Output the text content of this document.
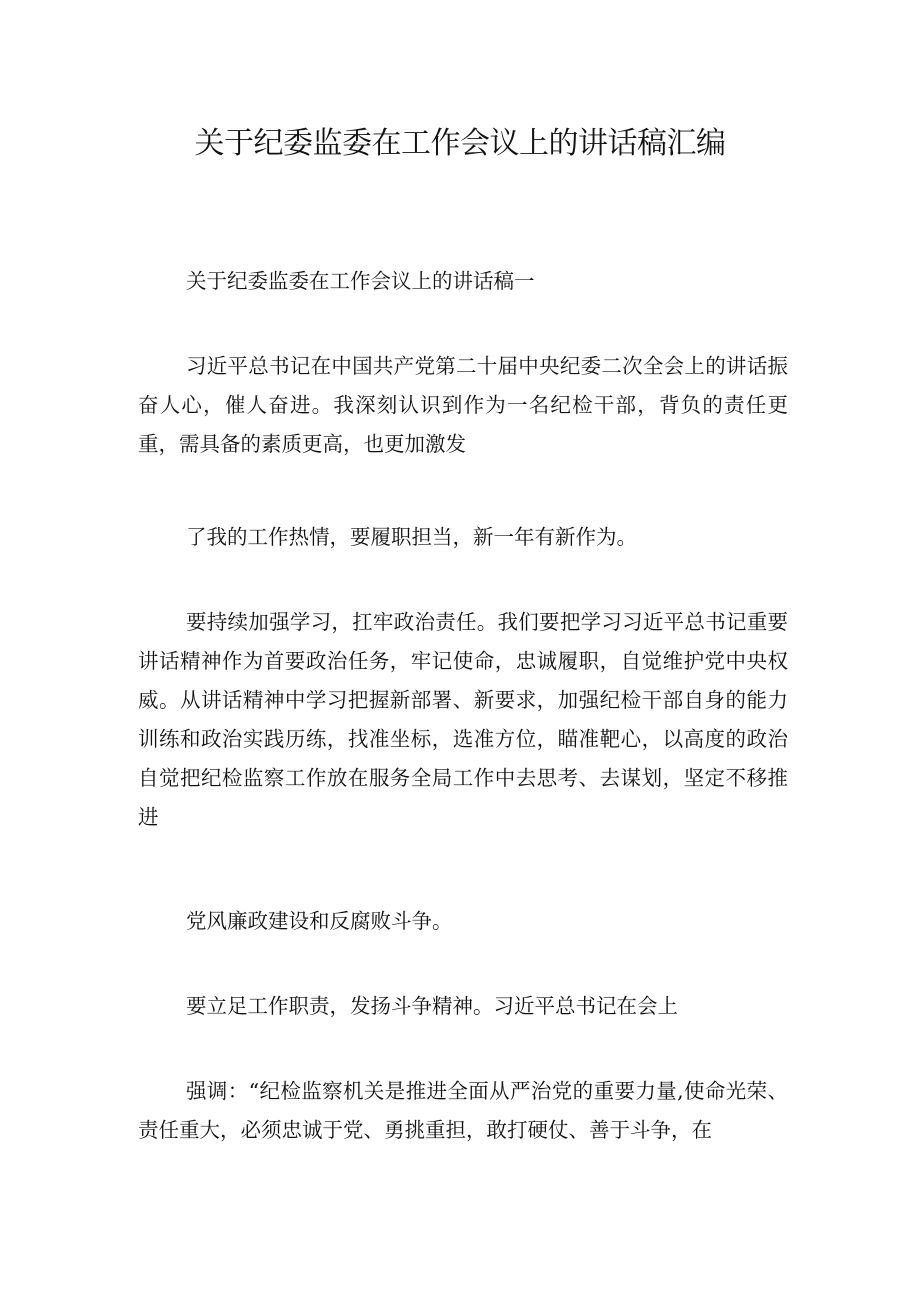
关于纪委监委在工作会议上的讲话稿汇编

关于纪委监委在工作会议上的讲话稿一

习近平总书记在中国共产党第二十届中央纪委二次全会上的讲话振奋人心，催人奋进。我深刻认识到作为一名纪检干部，背负的责任更重，需具备的素质更高，也更加激发

了我的工作热情，要履职担当，新一年有新作为。

要持续加强学习，扛牢政治责任。我们要把学习习近平总书记重要讲话精神作为首要政治任务，牢记使命，忠诚履职，自觉维护党中央权威。从讲话精神中学习把握新部署、新要求，加强纪检干部自身的能力训练和政治实践历练，找准坐标，选准方位，瞄准靶心，以高度的政治自觉把纪检监察工作放在服务全局工作中去思考、去谋划，坚定不移推进

党风廉政建设和反腐败斗争。

要立足工作职责，发扬斗争精神。习近平总书记在会上

强调：“纪检监察机关是推进全面从严治党的重要力量,使命光荣、责任重大，必须忠诚于党、勇挑重担，敢打硬仗、善于斗争，在
